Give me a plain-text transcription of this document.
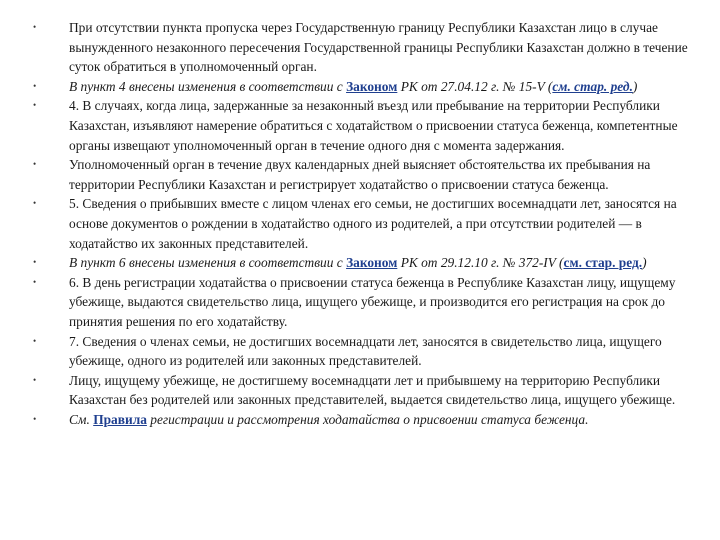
•	При отсутствии пункта пропуска через Государственную границу Республики Казахстан лицо в случае вынужденного незаконного пересечения Государственной границы Республики Казахстан должно в течение суток обратиться в уполномоченный орган.
•	В пункт 4 внесены изменения в соответствии с Законом РК от 27.04.12 г. № 15-V (см. стар. ред.)
•	4. В случаях, когда лица, задержанные за незаконный въезд или пребывание на территории Республики Казахстан, изъявляют намерение обратиться с ходатайством о присвоении статуса беженца, компетентные органы извещают уполномоченный орган в течение одного дня с момента задержания.
•	Уполномоченный орган в течение двух календарных дней выясняет обстоятельства их пребывания на территории Республики Казахстан и регистрирует ходатайство о присвоении статуса беженца.
•	5. Сведения о прибывших вместе с лицом членах его семьи, не достигших восемнадцати лет, заносятся на основе документов о рождении в ходатайство одного из родителей, а при отсутствии родителей — в ходатайство их законных представителей.
•	В пункт 6 внесены изменения в соответствии с Законом РК от 29.12.10 г. № 372-IV (см. стар. ред.)
•	6. В день регистрации ходатайства о присвоении статуса беженца в Республике Казахстан лицу, ищущему убежище, выдаются свидетельство лица, ищущего убежище, и производится его регистрация на срок до принятия решения по его ходатайству.
•	7. Сведения о членах семьи, не достигших восемнадцати лет, заносятся в свидетельство лица, ищущего убежище, одного из родителей или законных представителей.
•	Лицу, ищущему убежище, не достигшему восемнадцати лет и прибывшему на территорию Республики Казахстан без родителей или законных представителей, выдается свидетельство лица, ищущего убежище.
•	См. Правила регистрации и рассмотрения ходатайства о присвоении статуса беженца.
